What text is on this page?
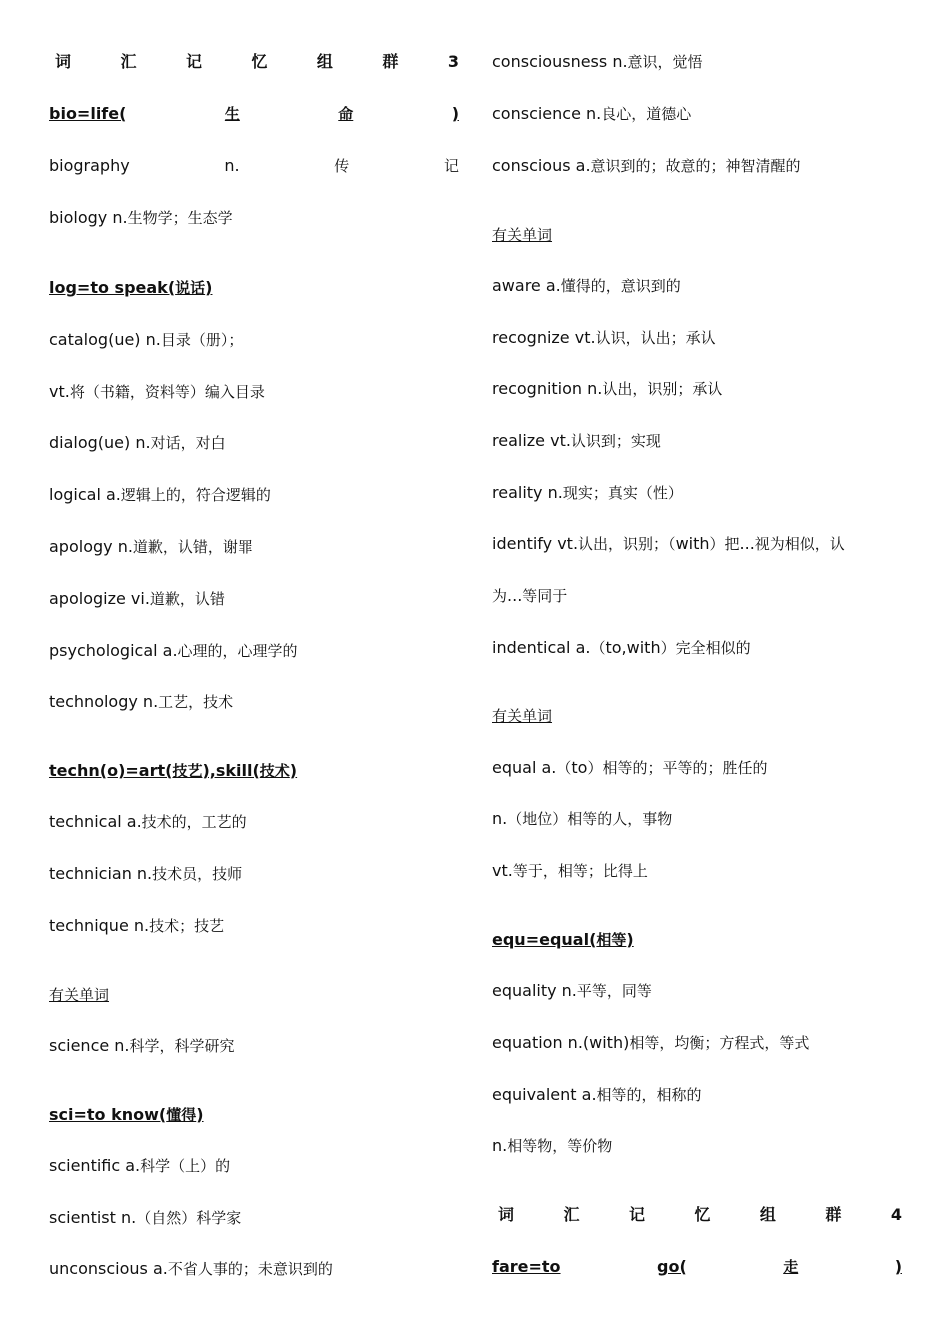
词	汇	记	忆	组	群	3
bio=life(	生	命	)
biography	n.	传	记
biology n.生物学；生态学
log=to speak(说话)
catalog(ue) n.目录（册）；
vt.将（书籍，资料等）编入目录
dialog(ue) n.对话，对白
logical a.逻辑上的，符合逻辑的
apology n.道歉，认错，谢罪
apologize vi.道歉，认错
psychological a.心理的，心理学的
technology n.工艺，技术
techn(o)=art(技艺),skill(技术)
technical a.技术的，工艺的
technician n.技术员，技师
technique n.技术；技艺
有关单词
science n.科学，科学研究
sci=to know(懂得)
scientific a.科学（上）的
scientist n.（自然）科学家
unconscious a.不省人事的；未意识到的
consciousness n.意识，觉悟
conscience n.良心，道德心
conscious a.意识到的；故意的；神智清醒的
有关单词
aware a.懂得的，意识到的
recognize vt.认识，认出；承认
recognition n.认出，识别；承认
realize vt.认识到；实现
reality n.现实；真实（性）
identify vt.认出，识别；（with）把...视为相似，认
为...等同于
indentical a.（to,with）完全相似的
有关单词
equal a.（to）相等的；平等的；胜任的
n.（地位）相等的人，事物
vt.等于，相等；比得上
equ=equal(相等)
equality n.平等，同等
equation n.(with)相等，均衡；方程式，等式
equivalent a.相等的，相称的
n.相等物，等价物
词	汇	记	忆	组	群	4
fare=to	go(	走	)
